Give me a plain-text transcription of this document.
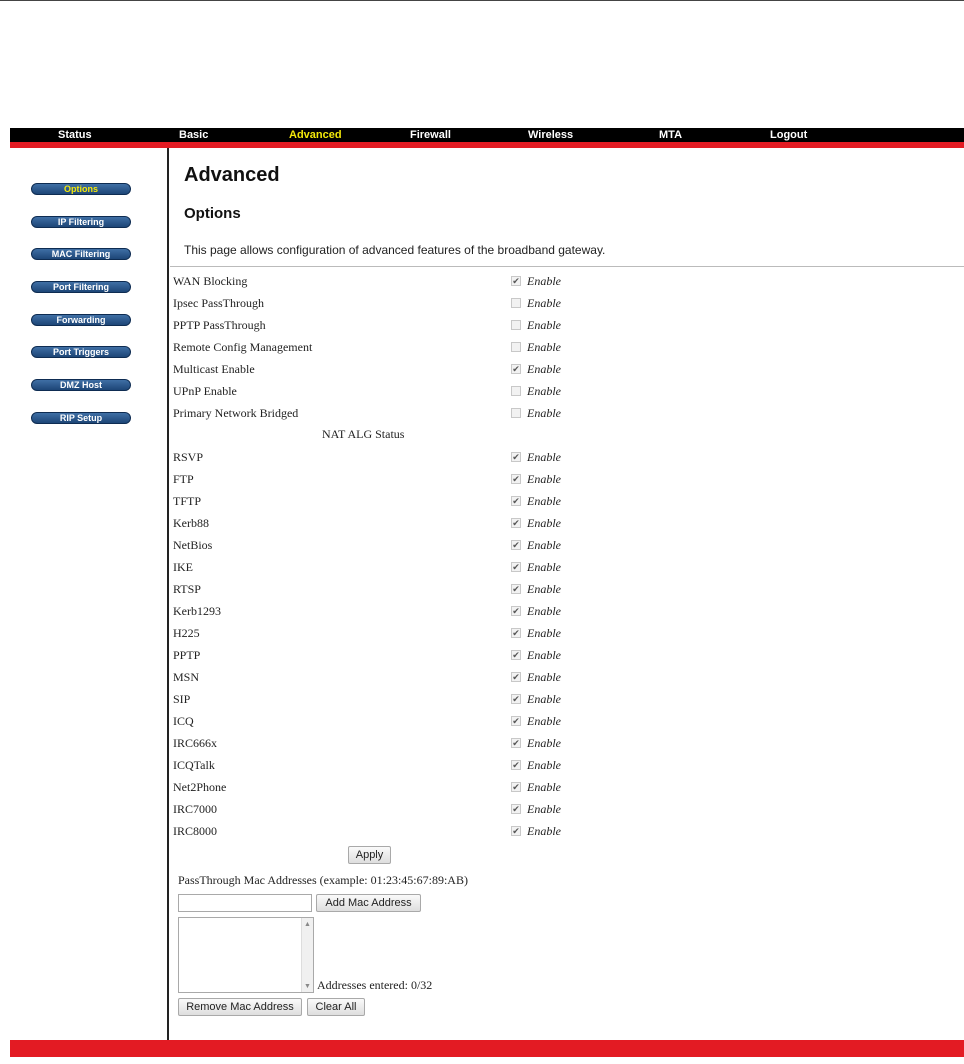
Status	Basic	Advanced	Firewall	Wireless	MTA	Logout
Options
IP Filtering
MAC Filtering
Port Filtering
Forwarding
Port Triggers
DMZ Host
RIP Setup
Advanced
Options
This page allows configuration of advanced features of the broadband gateway.
WAN Blocking	✔ Enable
Ipsec PassThrough	Enable
PPTP PassThrough	Enable
Remote Config Management	Enable
Multicast Enable	✔ Enable
UPnP Enable	Enable
Primary Network Bridged	Enable
RSVP	✔ Enable
FTP	✔ Enable
TFTP	✔ Enable
Kerb88	✔ Enable
NetBios	✔ Enable
IKE	✔ Enable
RTSP	✔ Enable
Kerb1293	✔ Enable
H225	✔ Enable
PPTP	✔ Enable
MSN	✔ Enable
SIP	✔ Enable
ICQ	✔ Enable
IRC666x	✔ Enable
ICQTalk	✔ Enable
Net2Phone	✔ Enable
IRC7000	✔ Enable
IRC8000	✔ Enable
NAT ALG Status
Apply
PassThrough Mac Addresses (example: 01:23:45:67:89:AB)
Add Mac Address
▲
▼ Addresses entered: 0/32
Remove Mac Address	Clear All
